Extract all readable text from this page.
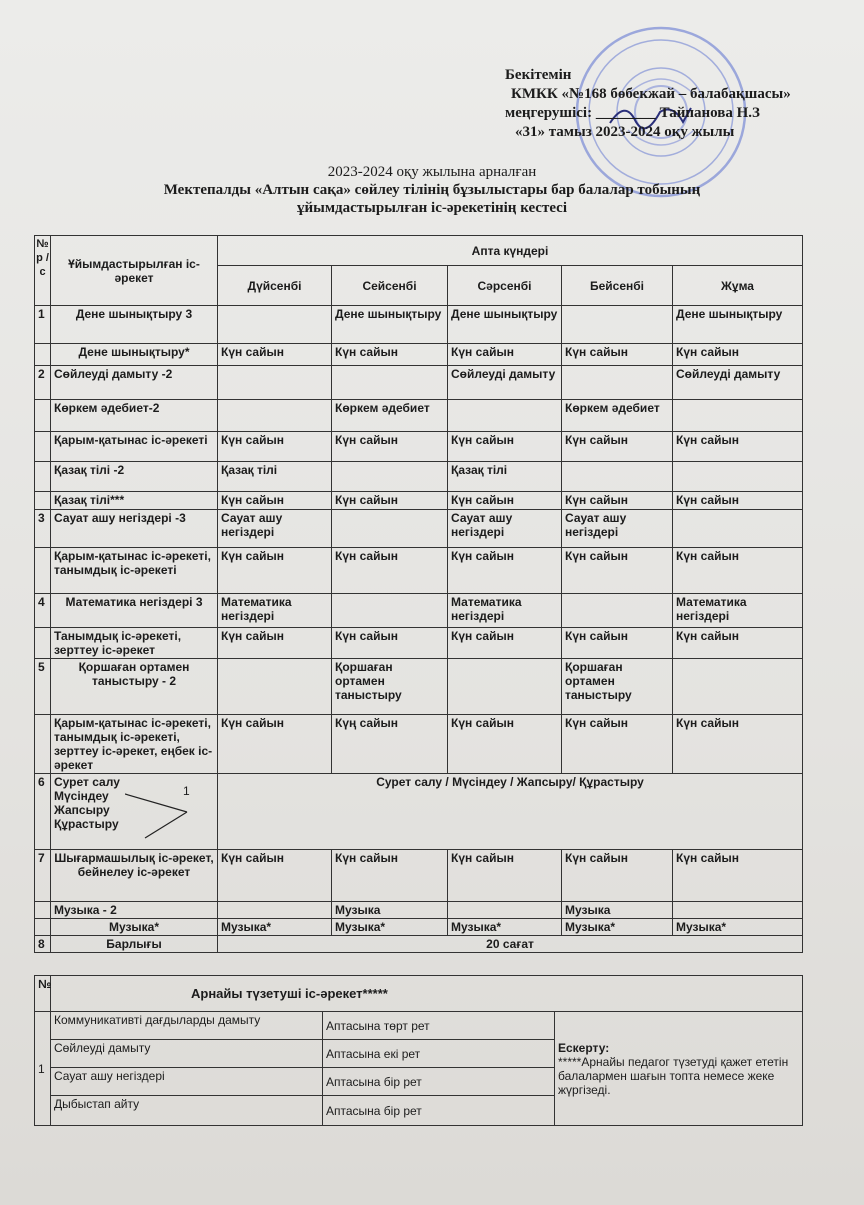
Бекітемін
КМКК «№168 бөбекжай – балабақшасы»
меңгерушісі: ________ Тайпанова Н.З
«31» тамыз 2023-2024 оқу жылы
2023-2024 оқу жылына арналған
Мектепалды «Алтын сақа» сөйлеу тілінің бұзылыстары бар балалар тобының
ұйымдастырылған іс-әрекетінің кестесі
№ р / с	Ұйымдастырылған іс- әрекет	Апта күндері				
		Дүйсенбі	Сейсенбі	Сәрсенбі	Бейсенбі	Жұма
1	Дене шынықтыру 3		Дене шынықтыру	Дене шынықтыру		Дене шынықтыру
	Дене шынықтыру*	Күн сайын	Күн сайын	Күн сайын	Күн сайын	Күн сайын
2	Сөйлеуді дамыту -2			Сөйлеуді дамыту		Сөйлеуді дамыту
	Көркем әдебиет-2		Көркем әдебиет		Көркем әдебиет	
	Қарым-қатынас іс-әрекеті	Күн сайын	Күн сайын	Күн сайын	Күн сайын	Күн сайын
	Қазақ тілі -2	Қазақ тілі		Қазақ тілі		
	Қазақ тілі***	Күн сайын	Күн сайын	Күн сайын	Күн сайын	Күн сайын
3	Сауат ашу негіздері -3	Сауат ашу негіздері		Сауат ашу негіздері	Сауат ашу негіздері	
	Қарым-қатынас іс-әрекеті, танымдық іс-әрекеті	Күн сайын	Күн сайын	Күн сайын	Күн сайын	Күн сайын
4	Математика негіздері 3	Математика негіздері		Математика негіздері		Математика негіздері
	Танымдық іс-әрекеті, зерттеу іс-әрекет	Күн сайын	Күн сайын	Күн сайын	Күн сайын	Күн сайын
5	Қоршаған ортамен таныстыру - 2		Қоршаған ортамен таныстыру		Қоршаған ортамен таныстыру	
	Қарым-қатынас іс-әрекеті, танымдық іс-әрекеті, зерттеу іс-әрекет, еңбек іс-әрекет	Күн сайын	Күң сайын	Күн сайын	Күн сайын	Күн сайын
6	Сурет салу
Мүсіндеу
Жапсыру
Құрастыру
1	Сурет салу / Мүсіндеу / Жапсыру/ Құрастыру				
7	Шығармашылық іс-әрекет, бейнелеу іс-әрекет	Күн сайын	Күн сайын	Күн сайын	Күн сайын	Күн сайын
	Музыка - 2		Музыка		Музыка	
	Музыка*	Музыка*	Музыка*	Музыка*	Музыка*	Музыка*
8	Барлығы	20 сағат				
№	Арнайы түзетуші іс-әрекет*****		
1	Коммуникативті дағдыларды дамыту	Аптасына төрт рет	Ескерту:
*****Арнайы педагог түзетуді қажет ететін балалармен шағын топта немесе жеке жүргізеді.

	Сөйлеуді дамыту	Аптасына екі рет	
	Сауат ашу негіздері	Аптасына бір рет	
	Дыбыстап айту	Аптасына бір рет	
